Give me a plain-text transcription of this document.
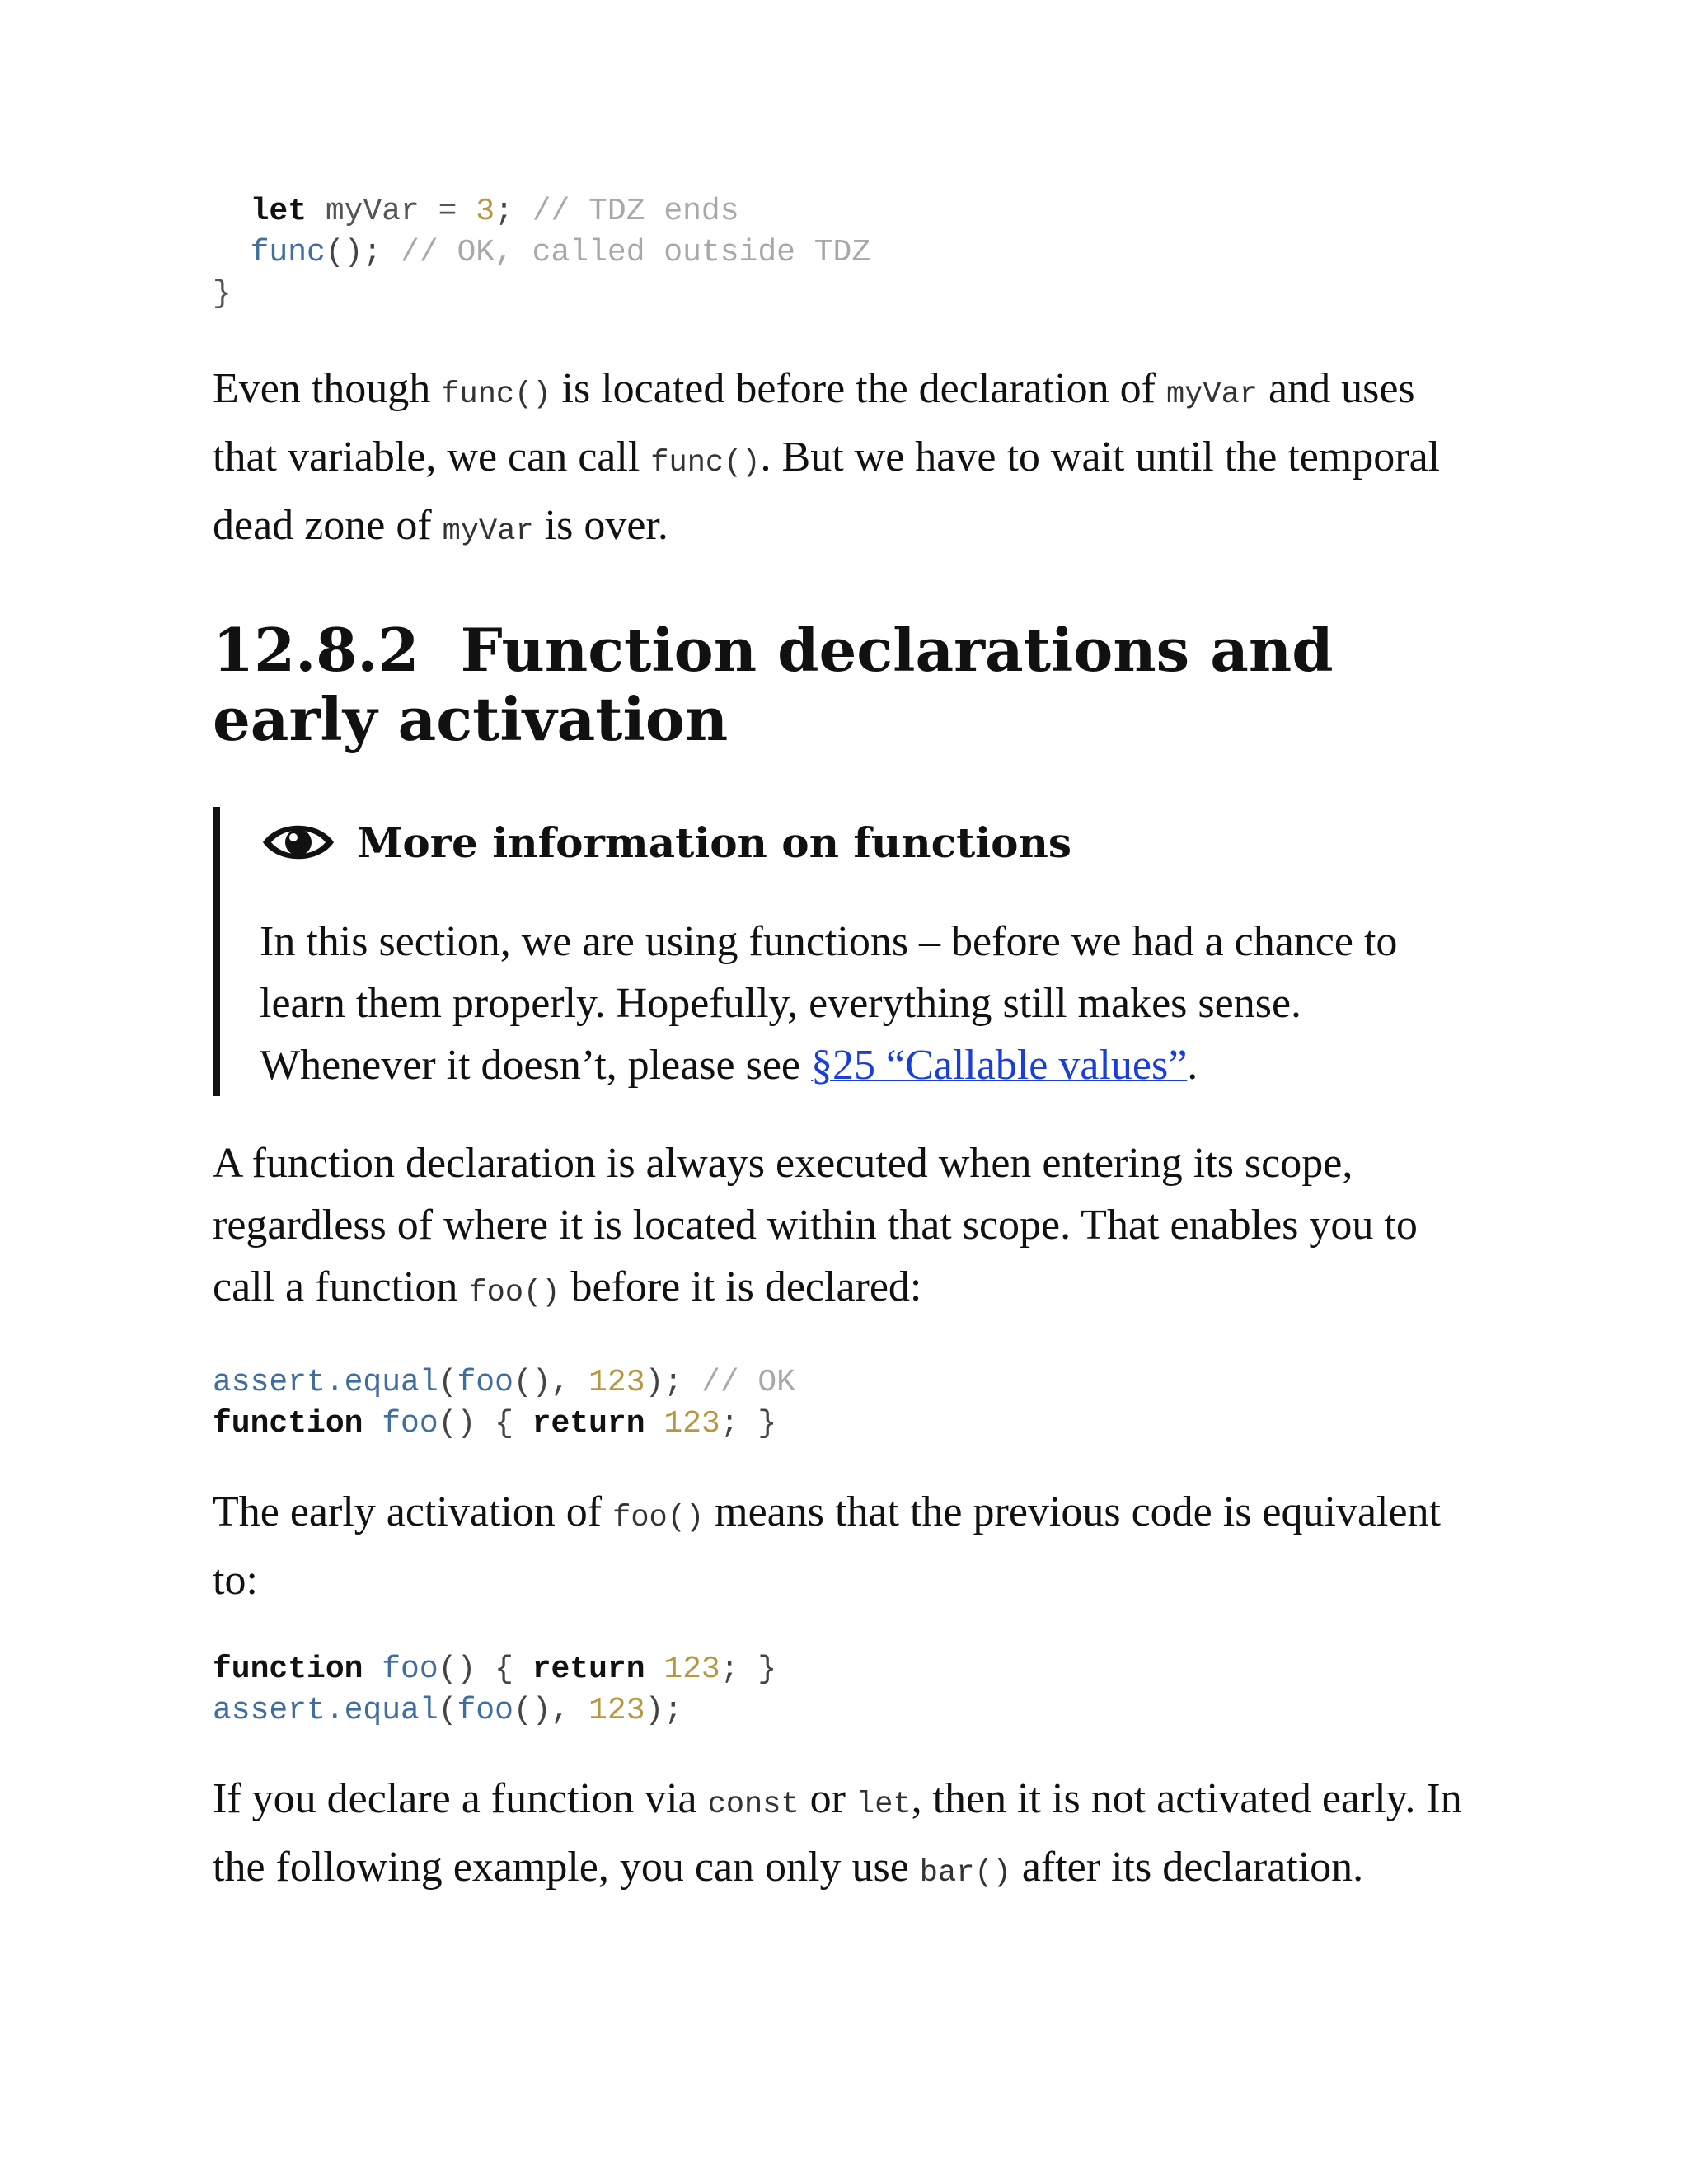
let myVar = 3; // TDZ ends
func(); // OK, called outside TDZ
}

Even though func() is located before the declaration of myVar and uses that variable, we can call func(). But we have to wait until the temporal dead zone of myVar is over.

12.8.2 Function declarations and early activation
More information on functions

In this section, we are using functions – before we had a chance to learn them properly. Hopefully, everything still makes sense. Whenever it doesn’t, please see §25 “Callable values”.

A function declaration is always executed when entering its scope, regardless of where it is located within that scope. That enables you to call a function foo() before it is declared:

assert.equal(foo(), 123); // OK
function foo() { return 123; }

The early activation of foo() means that the previous code is equivalent to:

function foo() { return 123; }
assert.equal(foo(), 123);

If you declare a function via const or let, then it is not activated early. In the following example, you can only use bar() after its declaration.
